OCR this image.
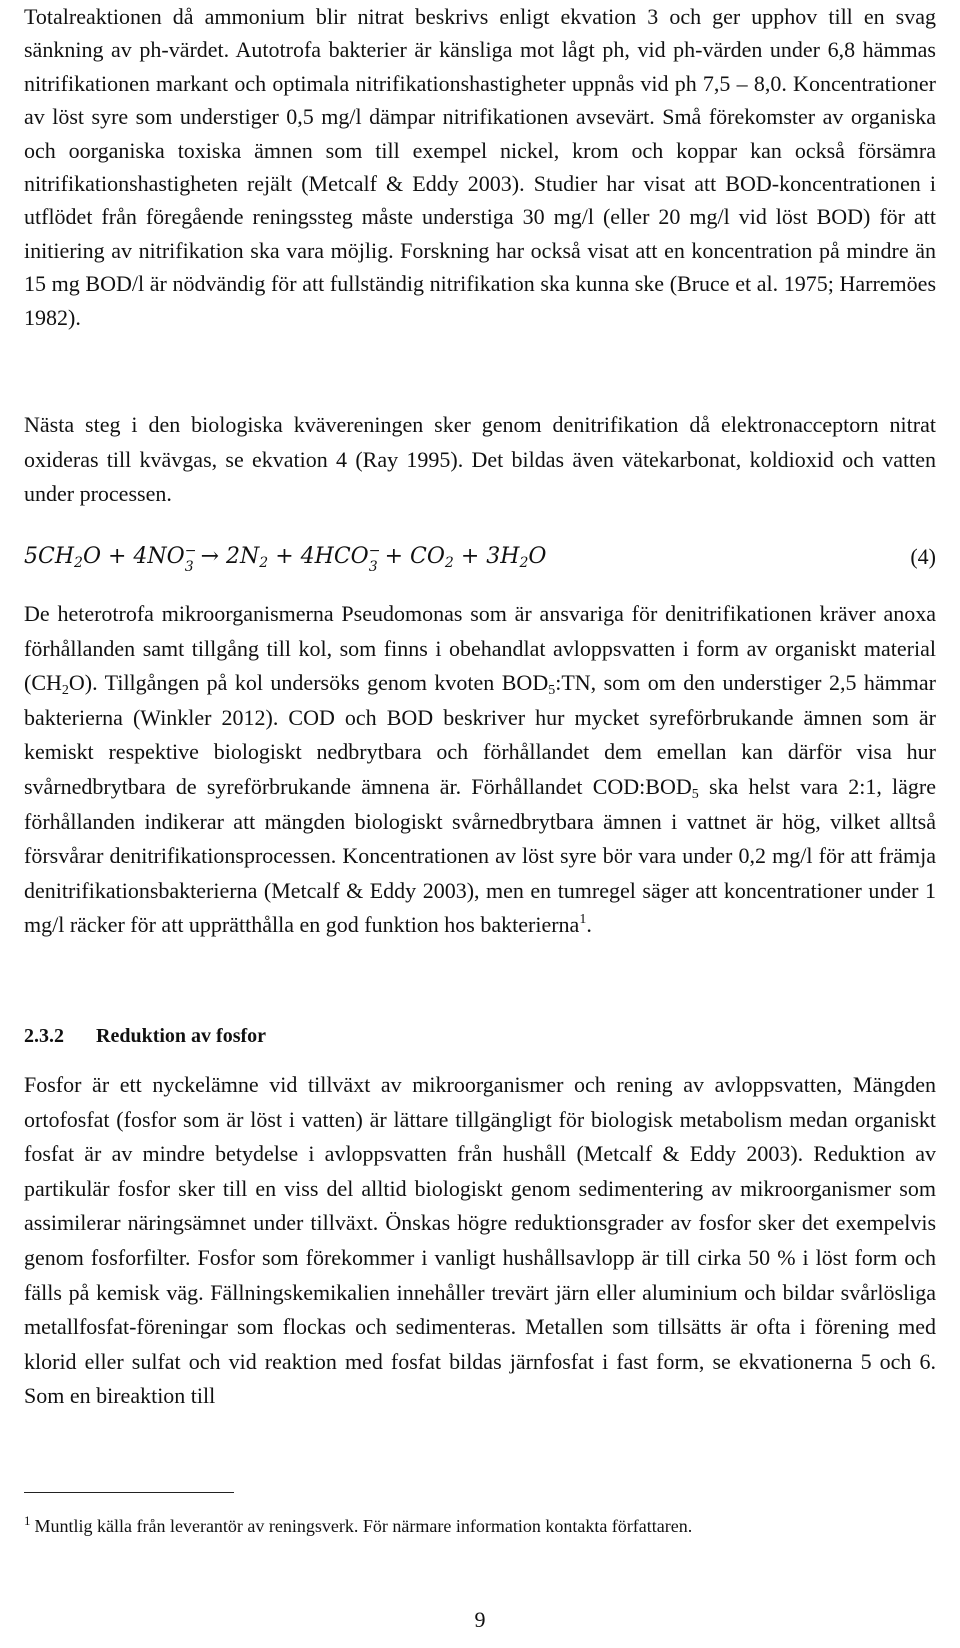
Totalreaktionen då ammonium blir nitrat beskrivs enligt ekvation 3 och ger upphov till en svag sänkning av ph-värdet. Autotrofa bakterier är känsliga mot lågt ph, vid ph-värden under 6,8 hämmas nitrifikationen markant och optimala nitrifikationshastigheter uppnås vid ph 7,5 – 8,0. Koncentrationer av löst syre som understiger 0,5 mg/l dämpar nitrifikationen avsevärt. Små förekomster av organiska och oorganiska toxiska ämnen som till exempel nickel, krom och koppar kan också försämra nitrifikationshastigheten rejält (Metcalf & Eddy 2003). Studier har visat att BOD-koncentrationen i utflödet från föregående reningssteg måste understiga 30 mg/l (eller 20 mg/l vid löst BOD) för att initiering av nitrifikation ska vara möjlig. Forskning har också visat att en koncentration på mindre än 15 mg BOD/l är nödvändig för att fullständig nitrifikation ska kunna ske (Bruce et al. 1975; Harremöes 1982).

Nästa steg i den biologiska kvävereningen sker genom denitrifikation då elektronacceptorn nitrat oxideras till kvävgas, se ekvation 4 (Ray 1995). Det bildas även vätekarbonat, koldioxid och vatten under processen.

5CH2O + 4NO −
3 → 2N2 + 4HCO −
3 + CO2 + 3H2O	(4)

De heterotrofa mikroorganismerna Pseudomonas som är ansvariga för denitrifikationen kräver anoxa förhållanden samt tillgång till kol, som finns i obehandlat avloppsvatten i form av organiskt material (CH2O). Tillgången på kol undersöks genom kvoten BOD5:TN, som om den understiger 2,5 hämmar bakterierna (Winkler 2012). COD och BOD beskriver hur mycket syreförbrukande ämnen som är kemiskt respektive biologiskt nedbrytbara och förhållandet dem emellan kan därför visa hur svårnedbrytbara de syreförbrukande ämnena är. Förhållandet COD:BOD5 ska helst vara 2:1, lägre förhållanden indikerar att mängden biologiskt svårnedbrytbara ämnen i vattnet är hög, vilket alltså försvårar denitrifikationsprocessen. Koncentrationen av löst syre bör vara under 0,2 mg/l för att främja denitrifikationsbakterierna (Metcalf & Eddy 2003), men en tumregel säger att koncentrationer under 1 mg/l räcker för att upprätthålla en god funktion hos bakterierna$^1$.

2.3.2 Reduktion av fosfor

Fosfor är ett nyckelämne vid tillväxt av mikroorganismer och rening av avloppsvatten, Mängden ortofosfat (fosfor som är löst i vatten) är lättare tillgängligt för biologisk metabolism medan organiskt fosfat är av mindre betydelse i avloppsvatten från hushåll (Metcalf & Eddy 2003). Reduktion av partikulär fosfor sker till en viss del alltid biologiskt genom sedimentering av mikroorganismer som assimilerar näringsämnet under tillväxt. Önskas högre reduktionsgrader av fosfor sker det exempelvis genom fosforfilter. Fosfor som förekommer i vanligt hushållsavlopp är till cirka 50 % i löst form och fälls på kemisk väg. Fällningskemikalien innehåller trevärt järn eller aluminium och bildar svårlösliga metallfosfat-föreningar som flockas och sedimenteras. Metallen som tillsätts är ofta i förening med klorid eller sulfat och vid reaktion med fosfat bildas järnfosfat i fast form, se ekvationerna 5 och 6. Som en bireaktion till

$^1$ Muntlig källa från leverantör av reningsverk. För närmare information kontakta författaren.
9
